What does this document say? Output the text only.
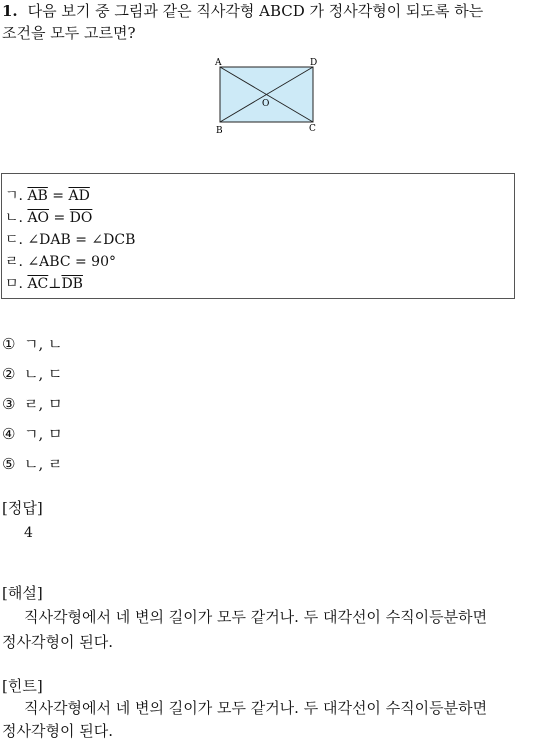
1. 다음 보기 중 그림과 같은 직사각형 ABCD 가 정사각형이 되도록 하는
조건을 모두 고르면?
A	D
B	C
O
ㄱ. $\overline{AB} = \overline{AD}$
ㄴ. $\overline{AO} = \overline{DO}$
ㄷ. ∠DAB = ∠DCB
ㄹ. ∠ABC = 90°
ㅁ. $\overline{AC}\perp\overline{DB}$
① ㄱ, ㄴ
② ㄴ, ㄷ
③ ㄹ, ㅁ
④ ㄱ, ㅁ
⑤ ㄴ, ㄹ
[정답]
4
[해설]
직사각형에서 네 변의 길이가 모두 같거나. 두 대각선이 수직이등분하면
정사각형이 된다.
[힌트]
직사각형에서 네 변의 길이가 모두 같거나. 두 대각선이 수직이등분하면
정사각형이 된다.
